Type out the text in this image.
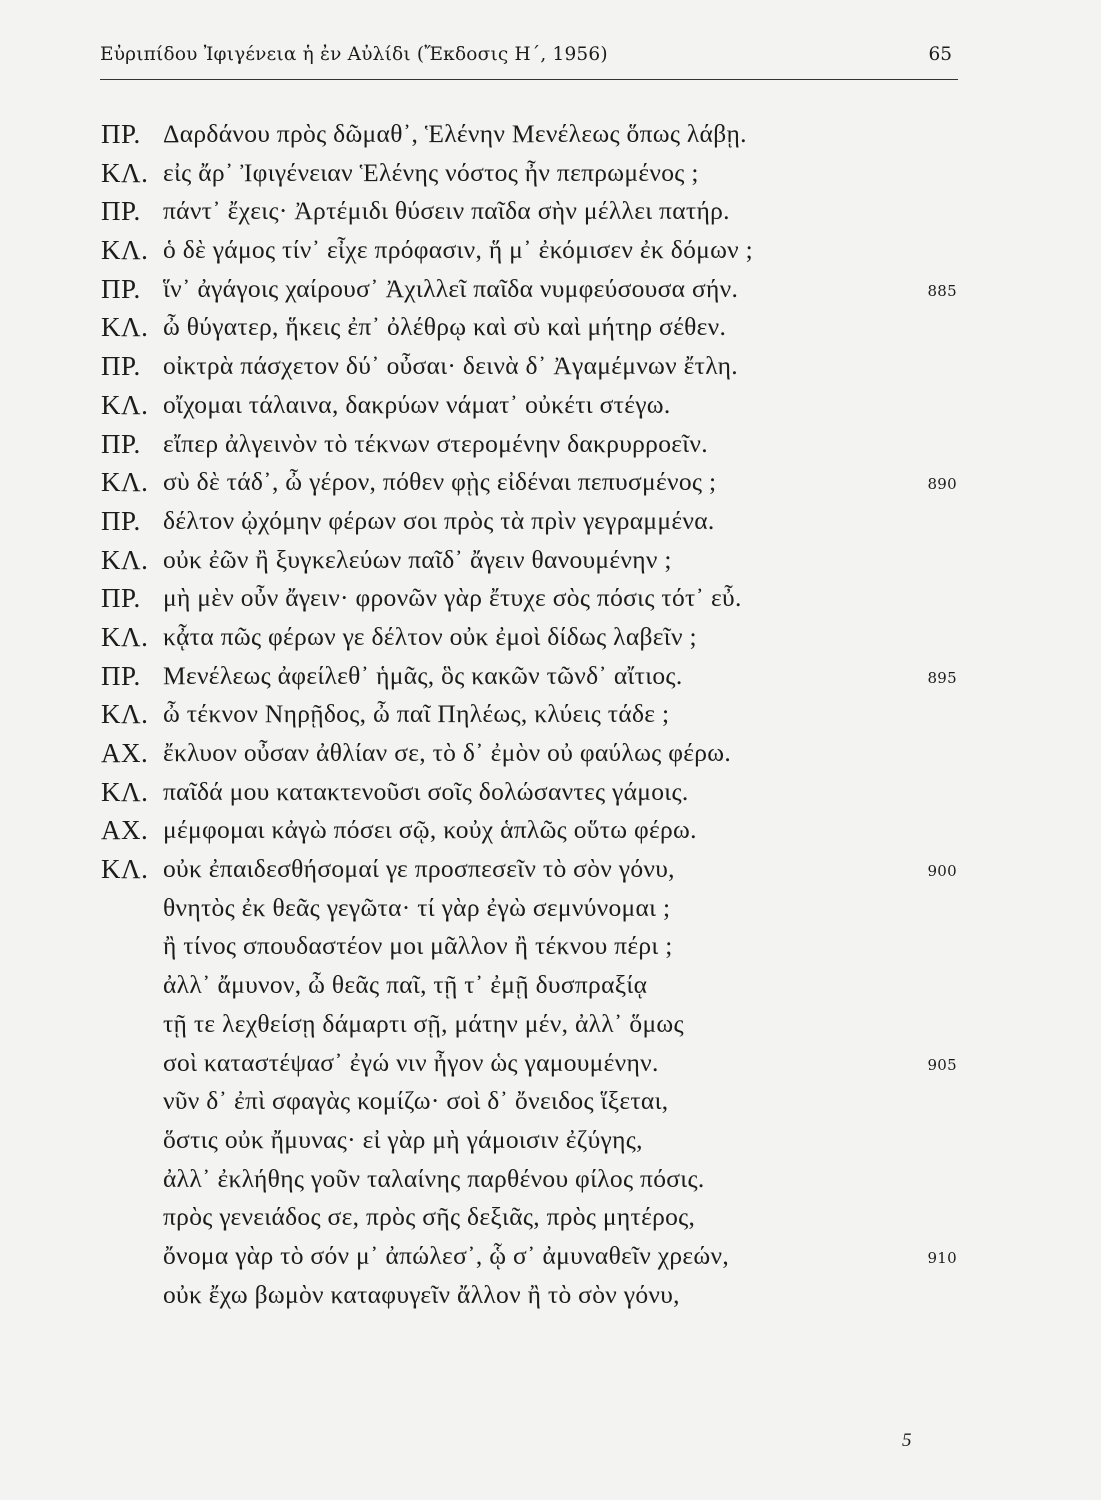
Εὐριπίδου Ἰφιγένεια ἡ ἐν Αὐλίδι (Ἔκδοσις Η΄, 1956)	65
ΠΡ. Δαρδάνου πρὸς δῶμαθ᾽, Ἑλένην Μενέλεως ὅπως λάβῃ.
ΚΛ. εἰς ἄρ᾽ Ἰφιγένειαν Ἑλένης νόστος ἦν πεπρωμένος ;
ΠΡ. πάντ᾽ ἔχεις· Ἀρτέμιδι θύσειν παῖδα σὴν μέλλει πατήρ.
ΚΛ. ὁ δὲ γάμος τίν᾽ εἶχε πρόφασιν, ἥ μ᾽ ἐκόμισεν ἐκ δόμων ;
ΠΡ. ἵν᾽ ἀγάγοις χαίρουσ᾽ Ἀχιλλεῖ παῖδα νυμφεύσουσα σήν.	885
ΚΛ. ὦ θύγατερ, ἥκεις ἐπ᾽ ὀλέθρῳ καὶ σὺ καὶ μήτηρ σέθεν.
ΠΡ. οἰκτρὰ πάσχετον δύ᾽ οὖσαι· δεινὰ δ᾽ Ἀγαμέμνων ἔτλη.
ΚΛ. οἴχομαι τάλαινα, δακρύων νάματ᾽ οὐκέτι στέγω.
ΠΡ. εἴπερ ἀλγεινὸν τὸ τέκνων στερομένην δακρυρροεῖν.
ΚΛ. σὺ δὲ τάδ᾽, ὦ γέρον, πόθεν φῂς εἰδέναι πεπυσμένος ;	890
ΠΡ. δέλτον ᾠχόμην φέρων σοι πρὸς τὰ πρὶν γεγραμμένα.
ΚΛ. οὐκ ἐῶν ἢ ξυγκελεύων παῖδ᾽ ἄγειν θανουμένην ;
ΠΡ. μὴ μὲν οὖν ἄγειν· φρονῶν γὰρ ἔτυχε σὸς πόσις τότ᾽ εὖ.
ΚΛ. κᾆτα πῶς φέρων γε δέλτον οὐκ ἐμοὶ δίδως λαβεῖν ;
ΠΡ. Μενέλεως ἀφείλεθ᾽ ἡμᾶς, ὃς κακῶν τῶνδ᾽ αἴτιος.	895
ΚΛ. ὦ τέκνον Νηρῇδος, ὦ παῖ Πηλέως, κλύεις τάδε ;
ΑΧ. ἔκλυον οὖσαν ἀθλίαν σε, τὸ δ᾽ ἐμὸν οὐ φαύλως φέρω.
ΚΛ. παῖδά μου κατακτενοῦσι σοῖς δολώσαντες γάμοις.
ΑΧ. μέμφομαι κἀγὼ πόσει σῷ, κοὐχ ἁπλῶς οὕτω φέρω.
ΚΛ. οὐκ ἐπαιδεσθήσομαί γε προσπεσεῖν τὸ σὸν γόνυ,	900
θνητὸς ἐκ θεᾶς γεγῶτα· τί γὰρ ἐγὼ σεμνύνομαι ;
ἢ τίνος σπουδαστέον μοι μᾶλλον ἢ τέκνου πέρι ;
ἀλλ᾽ ἄμυνον, ὦ θεᾶς παῖ, τῇ τ᾽ ἐμῇ δυσπραξίᾳ
τῇ τε λεχθείσῃ δάμαρτι σῇ, μάτην μέν, ἀλλ᾽ ὅμως
σοὶ καταστέψασ᾽ ἐγώ νιν ἦγον ὡς γαμουμένην.	905
νῦν δ᾽ ἐπὶ σφαγὰς κομίζω· σοὶ δ᾽ ὄνειδος ἵξεται,
ὅστις οὐκ ἤμυνας· εἰ γὰρ μὴ γάμοισιν ἐζύγης,
ἀλλ᾽ ἐκλήθης γοῦν ταλαίνης παρθένου φίλος πόσις.
πρὸς γενειάδος σε, πρὸς σῆς δεξιᾶς, πρὸς μητέρος,
ὄνομα γὰρ τὸ σόν μ᾽ ἀπώλεσ᾽, ᾧ σ᾽ ἀμυναθεῖν χρεών,	910
οὐκ ἔχω βωμὸν καταφυγεῖν ἄλλον ἢ τὸ σὸν γόνυ,
5
